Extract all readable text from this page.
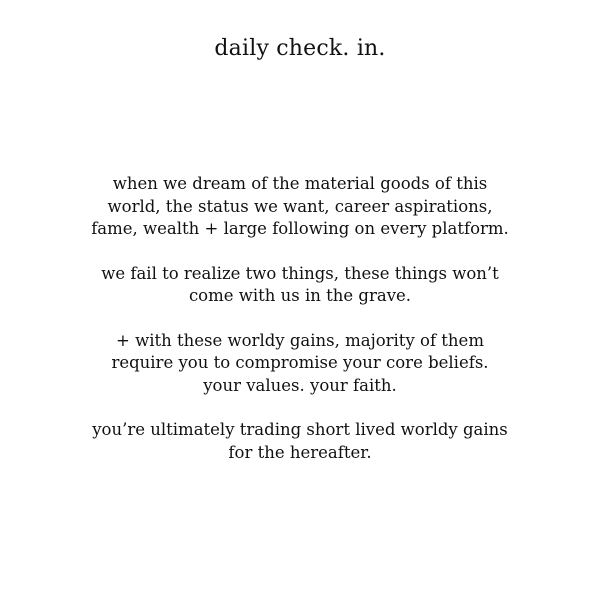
daily check. in.

when we dream of the material goods of this
world, the status we want, career aspirations,
fame, wealth + large following on every platform.

we fail to realize two things, these things won’t
come with us in the grave.

+ with these worldy gains, majority of them
require you to compromise your core beliefs.
your values. your faith.

you’re ultimately trading short lived worldy gains
for the hereafter.
